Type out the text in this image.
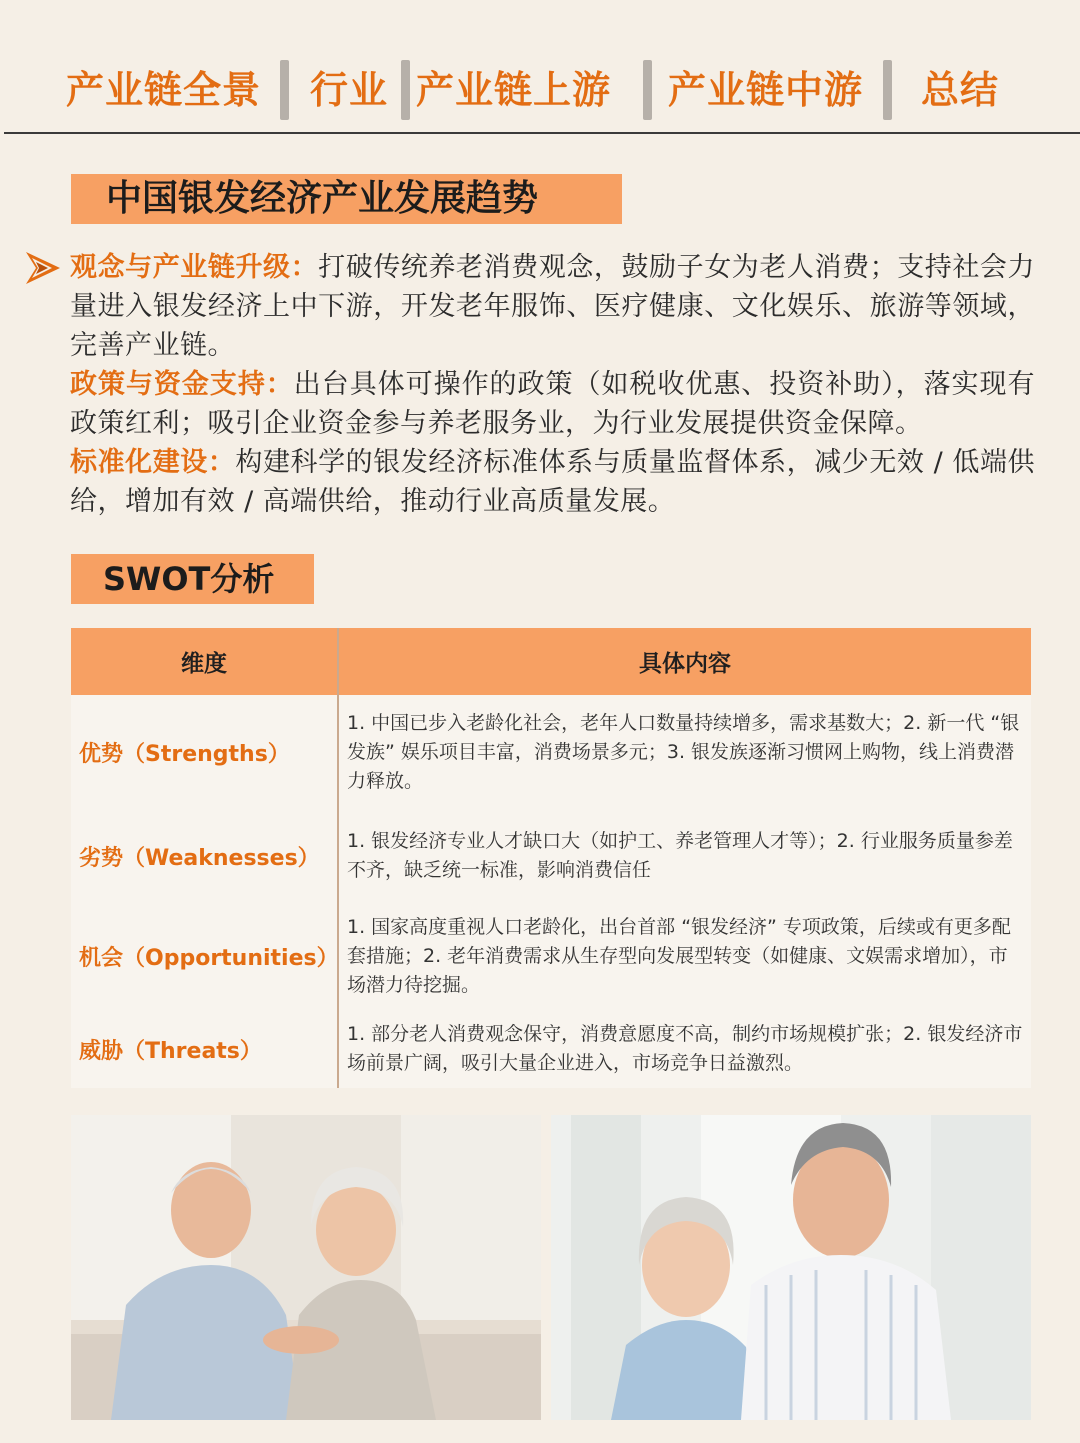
产业链全景 行业 产业链上游 产业链中游 总结
中国银发经济产业发展趋势

观念与产业链升级：打破传统养老消费观念，鼓励子女为老人消费；支持社会力量进入银发经济上中下游，开发老年服饰、医疗健康、文化娱乐、旅游等领域，完善产业链。

政策与资金支持：出台具体可操作的政策（如税收优惠、投资补助），落实现有政策红利；吸引企业资金参与养老服务业，为行业发展提供资金保障。

标准化建设：构建科学的银发经济标准体系与质量监督体系，减少无效 / 低端供给，增加有效 / 高端供给，推动行业高质量发展。

SWOT分析
维度	具体内容
优势（Strengths）	1. 中国已步入老龄化社会，老年人口数量持续增多，需求基数大；2. 新一代 “银发族” 娱乐项目丰富，消费场景多元；3. 银发族逐渐习惯网上购物，线上消费潜力释放。
劣势（Weaknesses）	1. 银发经济专业人才缺口大（如护工、养老管理人才等）；2. 行业服务质量参差不齐，缺乏统一标准，影响消费信任
机会（Opportunities）	1. 国家高度重视人口老龄化，出台首部 “银发经济” 专项政策，后续或有更多配套措施；2. 老年消费需求从生存型向发展型转变（如健康、文娱需求增加），市场潜力待挖掘。
威胁（Threats）	1. 部分老人消费观念保守，消费意愿度不高，制约市场规模扩张；2. 银发经济市场前景广阔，吸引大量企业进入，市场竞争日益激烈。
